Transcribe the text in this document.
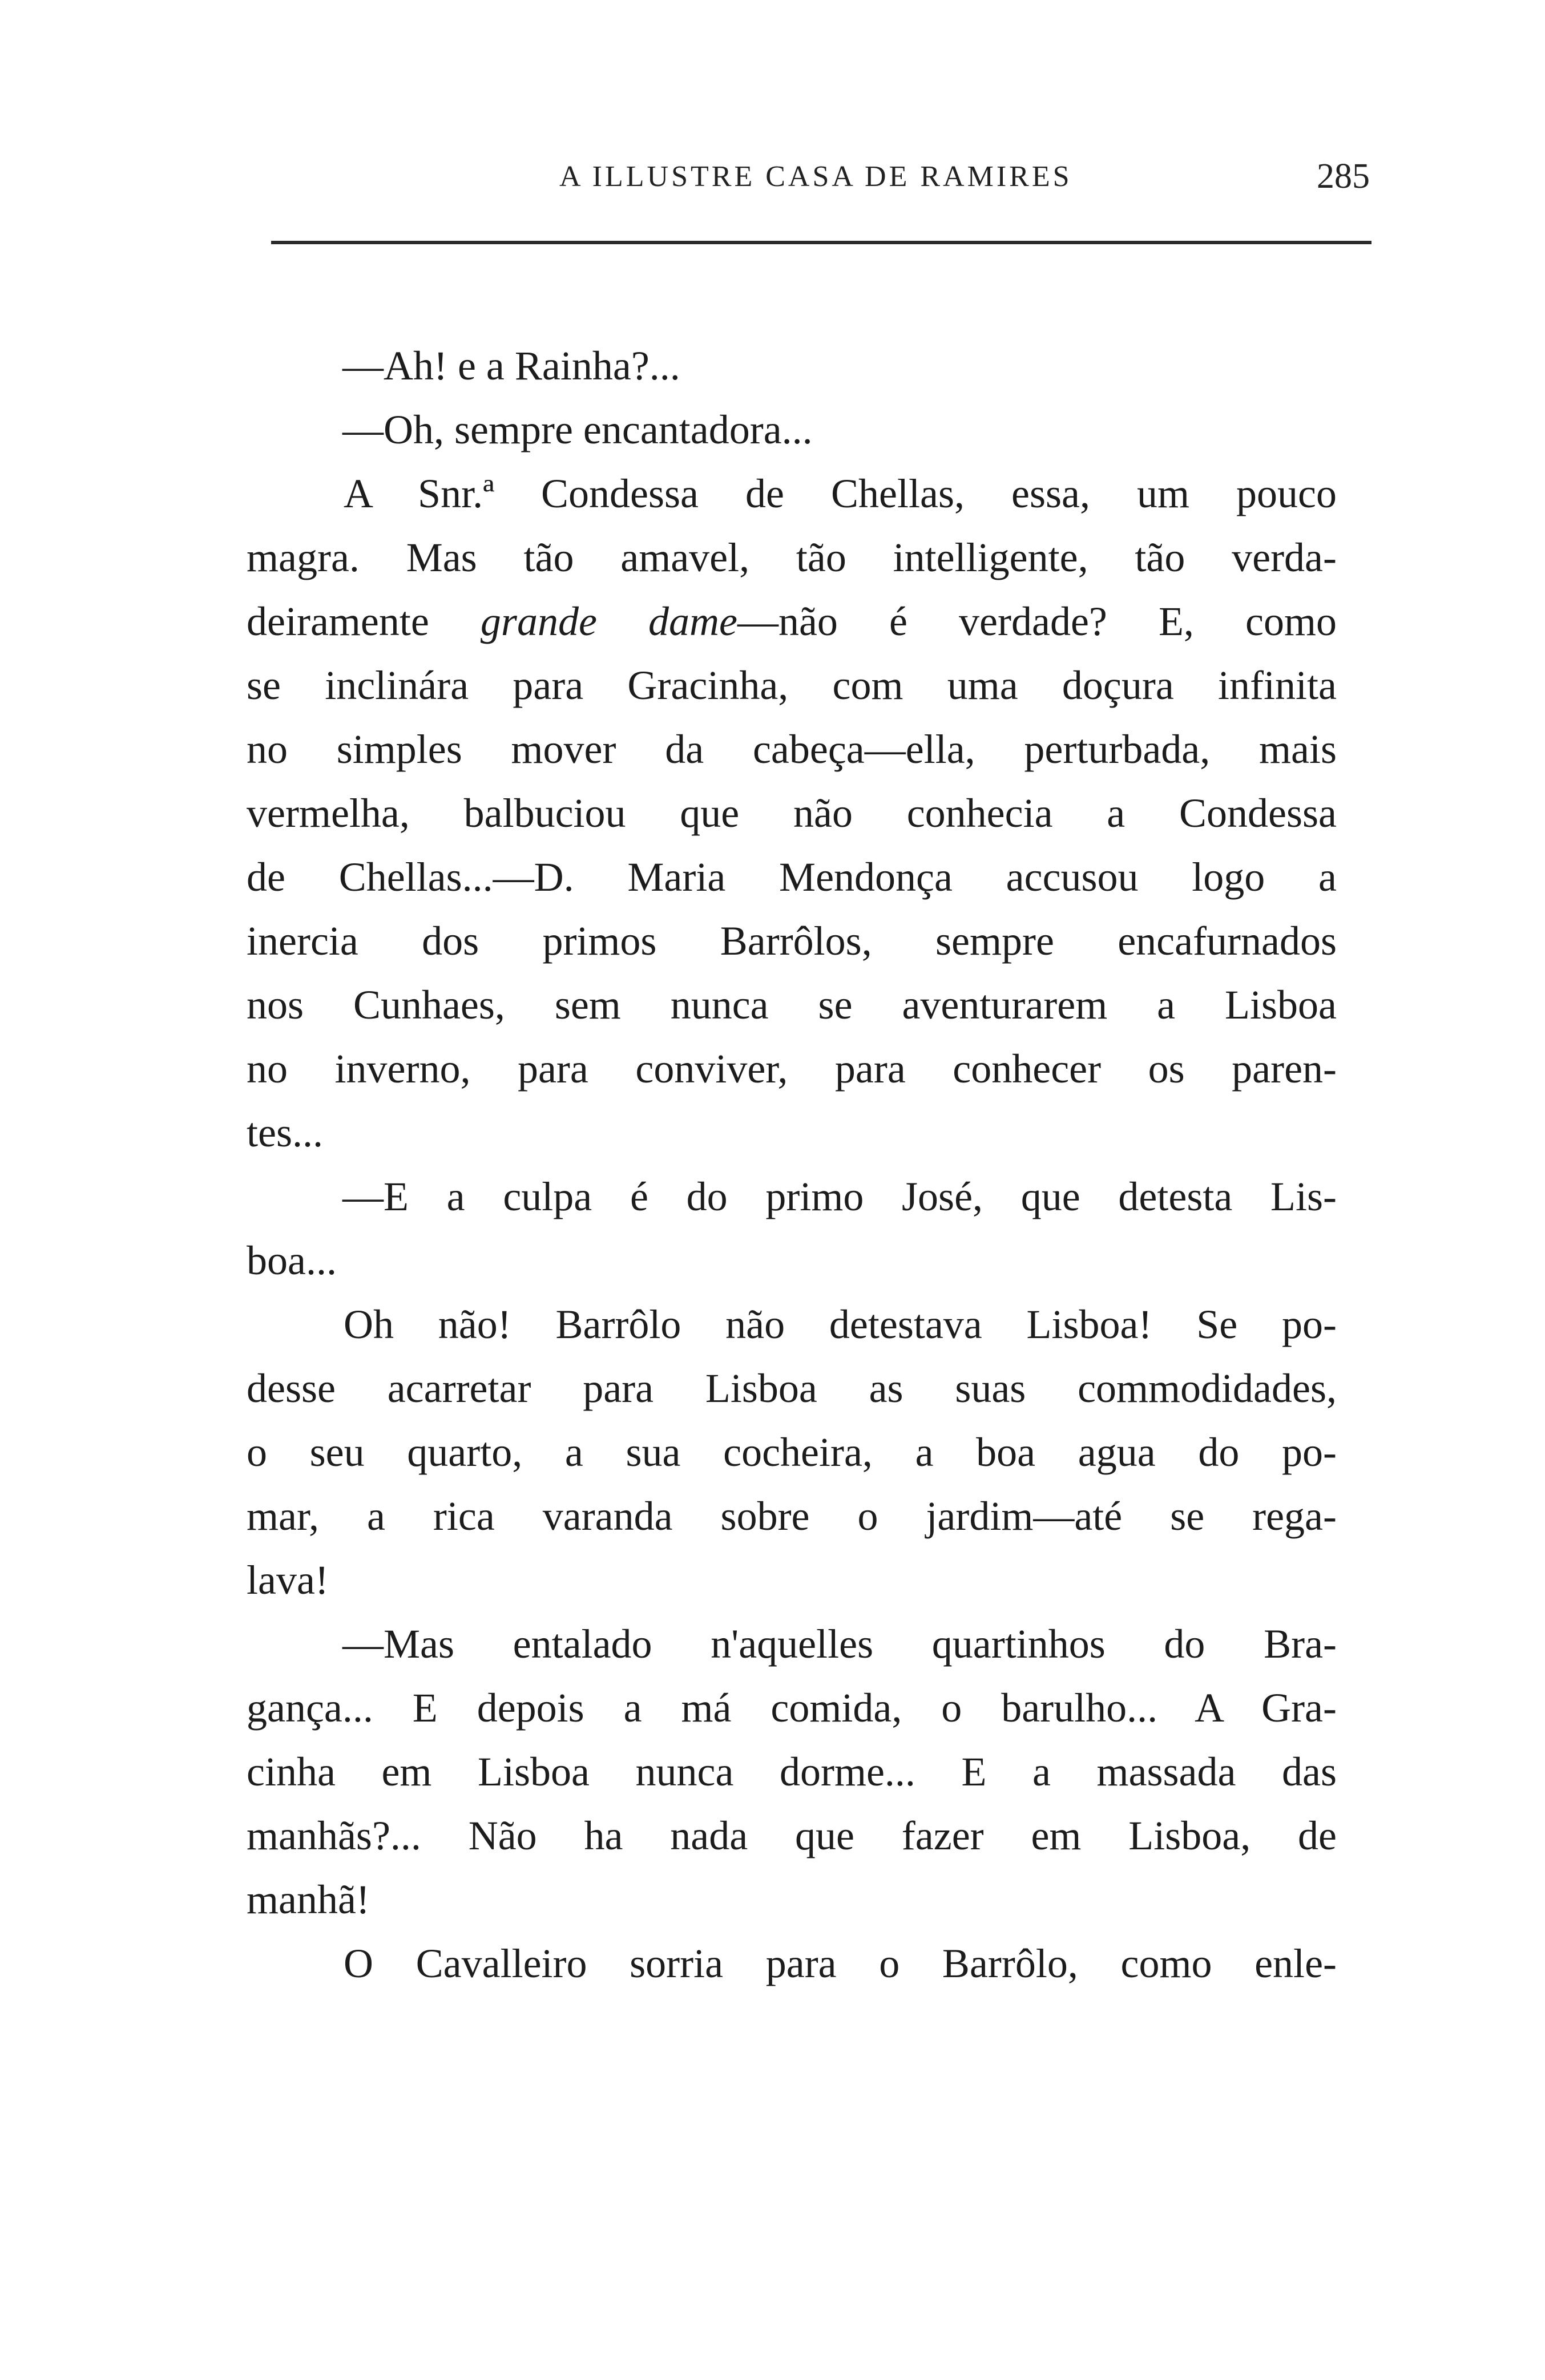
A ILLUSTRE CASA DE RAMIRES	285
—Ah! e a Rainha?...
—Oh, sempre encantadora...
A Snr.ª Condessa de Chellas, essa, um pouco
magra. Mas tão amavel, tão intelligente, tão verda-
deiramente grande dame—não é verdade? E, como
se inclinára para Gracinha, com uma doçura infinita
no simples mover da cabeça—ella, perturbada, mais
vermelha, balbuciou que não conhecia a Condessa
de Chellas...—D. Maria Mendonça accusou logo a
inercia dos primos Barrôlos, sempre encafurnados
nos Cunhaes, sem nunca se aventurarem a Lisboa
no inverno, para conviver, para conhecer os paren-
tes...
—E a culpa é do primo José, que detesta Lis-
boa...
Oh não! Barrôlo não detestava Lisboa! Se po-
desse acarretar para Lisboa as suas commodidades,
o seu quarto, a sua cocheira, a boa agua do po-
mar, a rica varanda sobre o jardim—até se rega-
lava!
—Mas entalado n'aquelles quartinhos do Bra-
gança... E depois a má comida, o barulho... A Gra-
cinha em Lisboa nunca dorme... E a massada das
manhãs?... Não ha nada que fazer em Lisboa, de
manhã!
O Cavalleiro sorria para o Barrôlo, como enle-
